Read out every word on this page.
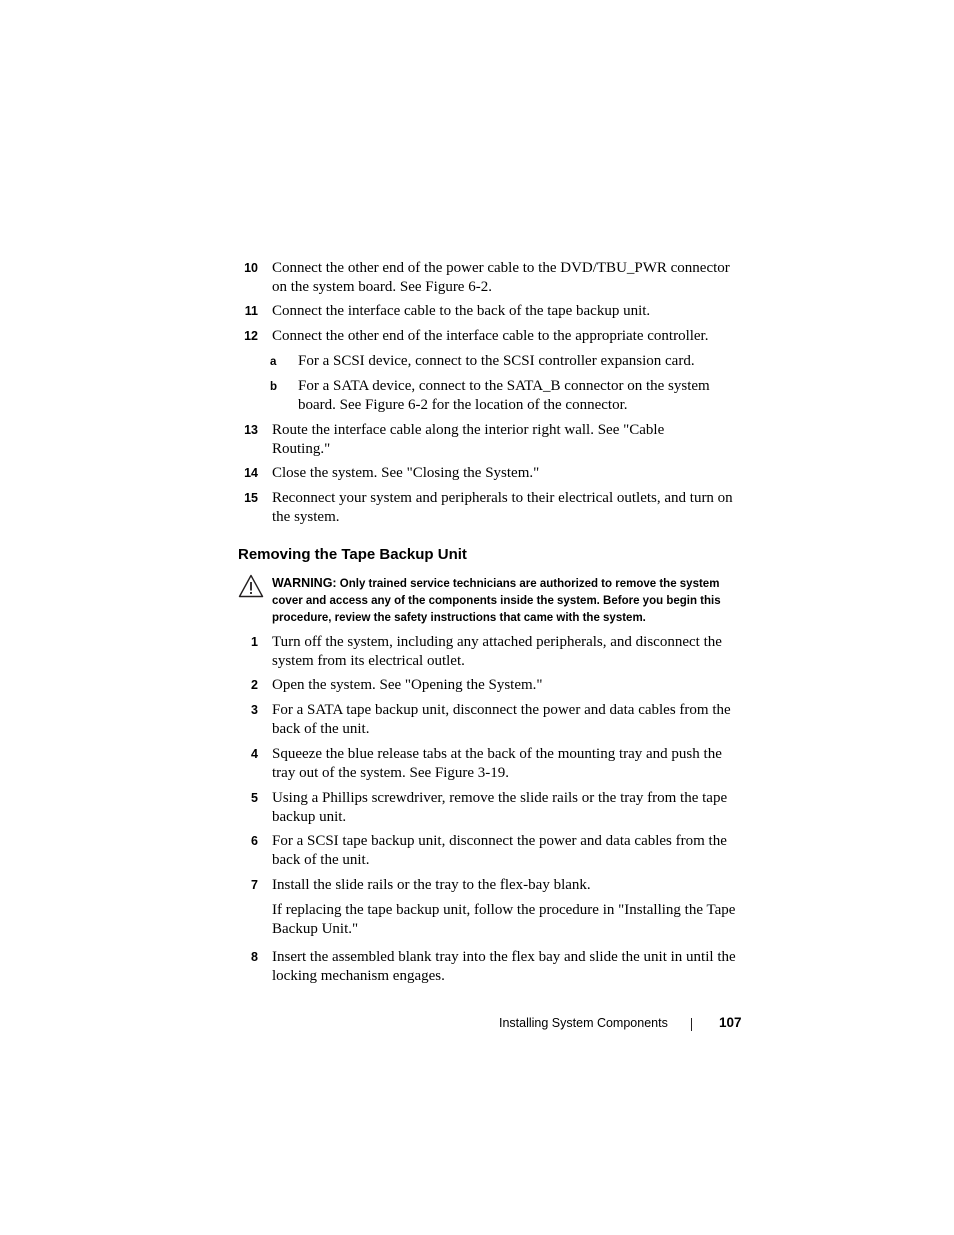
10 Connect the other end of the power cable to the DVD/TBU_PWR connector on the system board. See Figure 6-2.
11 Connect the interface cable to the back of the tape backup unit.
12 Connect the other end of the interface cable to the appropriate controller.
a For a SCSI device, connect to the SCSI controller expansion card.
b For a SATA device, connect to the SATA_B connector on the system board. See Figure 6-2 for the location of the connector.
13 Route the interface cable along the interior right wall. See "Cable Routing."
14 Close the system. See "Closing the System."
15 Reconnect your system and peripherals to their electrical outlets, and turn on the system.
Removing the Tape Backup Unit
WARNING: Only trained service technicians are authorized to remove the system cover and access any of the components inside the system. Before you begin this procedure, review the safety instructions that came with the system.
1 Turn off the system, including any attached peripherals, and disconnect the system from its electrical outlet.
2 Open the system. See "Opening the System."
3 For a SATA tape backup unit, disconnect the power and data cables from the back of the unit.
4 Squeeze the blue release tabs at the back of the mounting tray and push the tray out of the system. See Figure 3-19.
5 Using a Phillips screwdriver, remove the slide rails or the tray from the tape backup unit.
6 For a SCSI tape backup unit, disconnect the power and data cables from the back of the unit.
7 Install the slide rails or the tray to the flex-bay blank.
If replacing the tape backup unit, follow the procedure in "Installing the Tape Backup Unit."
8 Insert the assembled blank tray into the flex bay and slide the unit in until the locking mechanism engages.
Installing System Components	107
